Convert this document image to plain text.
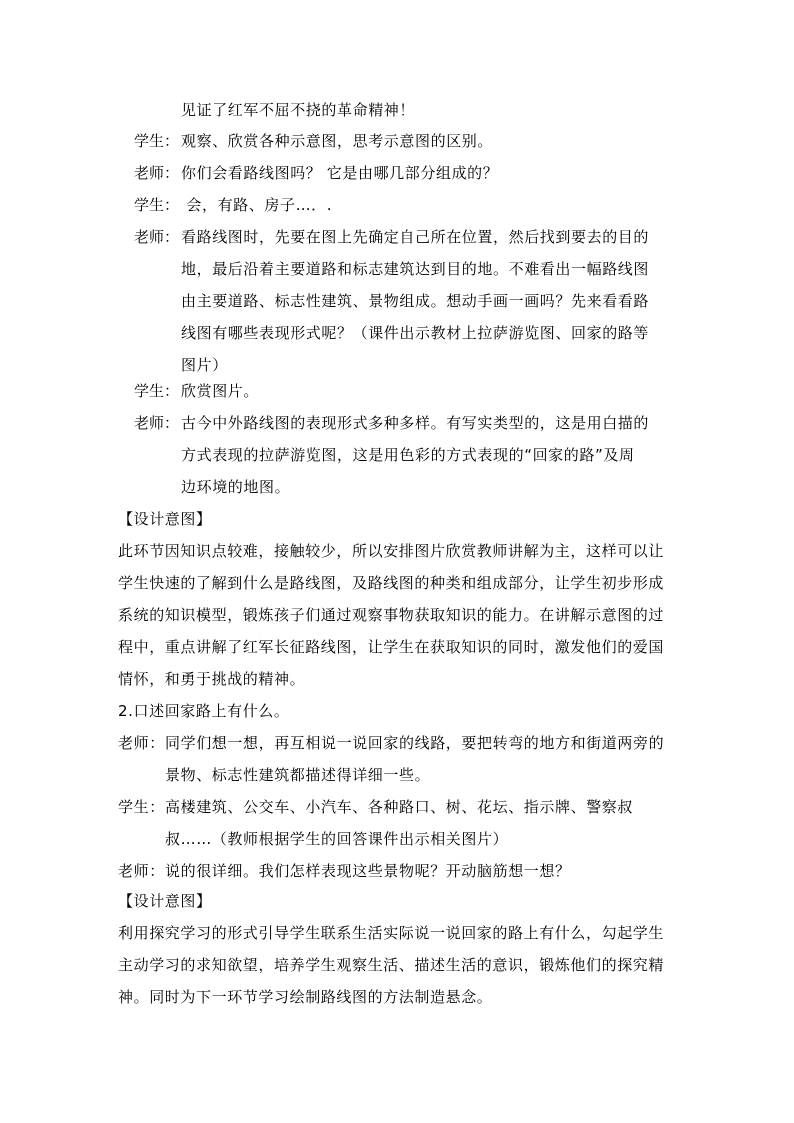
见证了红军不屈不挠的革命精神！
学生： 观察、欣赏各种示意图，思考示意图的区别。
老师： 你们会看路线图吗？ 它是由哪几部分组成的？
学生： 会，有路、房子…．.
老师： 看路线图时，先要在图上先确定自己所在位置，然后找到要去的目的
地，最后沿着主要道路和标志建筑达到目的地。不难看出一幅路线图
由主要道路、标志性建筑、景物组成。想动手画一画吗？先来看看路
线图有哪些表现形式呢？（课件出示教材上拉萨游览图、回家的路等
图片）
学生： 欣赏图片。
老师： 古今中外路线图的表现形式多种多样。有写实类型的，这是用白描的
方式表现的拉萨游览图，这是用色彩的方式表现的“回家的路”及周
边环境的地图。
【设计意图】
此环节因知识点较难，接触较少，所以安排图片欣赏教师讲解为主，这样可以让
学生快速的了解到什么是路线图，及路线图的种类和组成部分，让学生初步形成
系统的知识模型，锻炼孩子们通过观察事物获取知识的能力。在讲解示意图的过
程中，重点讲解了红军长征路线图，让学生在获取知识的同时，激发他们的爱国
情怀，和勇于挑战的精神。
2.口述回家路上有什么。
老师： 同学们想一想，再互相说一说回家的线路，要把转弯的地方和街道两旁的
景物、标志性建筑都描述得详细一些。
学生： 高楼建筑、公交车、小汽车、各种路口、树、花坛、指示牌、警察叔
叔……（教师根据学生的回答课件出示相关图片）
老师： 说的很详细。我们怎样表现这些景物呢？开动脑筋想一想？
【设计意图】
利用探究学习的形式引导学生联系生活实际说一说回家的路上有什么，勾起学生
主动学习的求知欲望，培养学生观察生活、描述生活的意识，锻炼他们的探究精
神。同时为下一环节学习绘制路线图的方法制造悬念。
